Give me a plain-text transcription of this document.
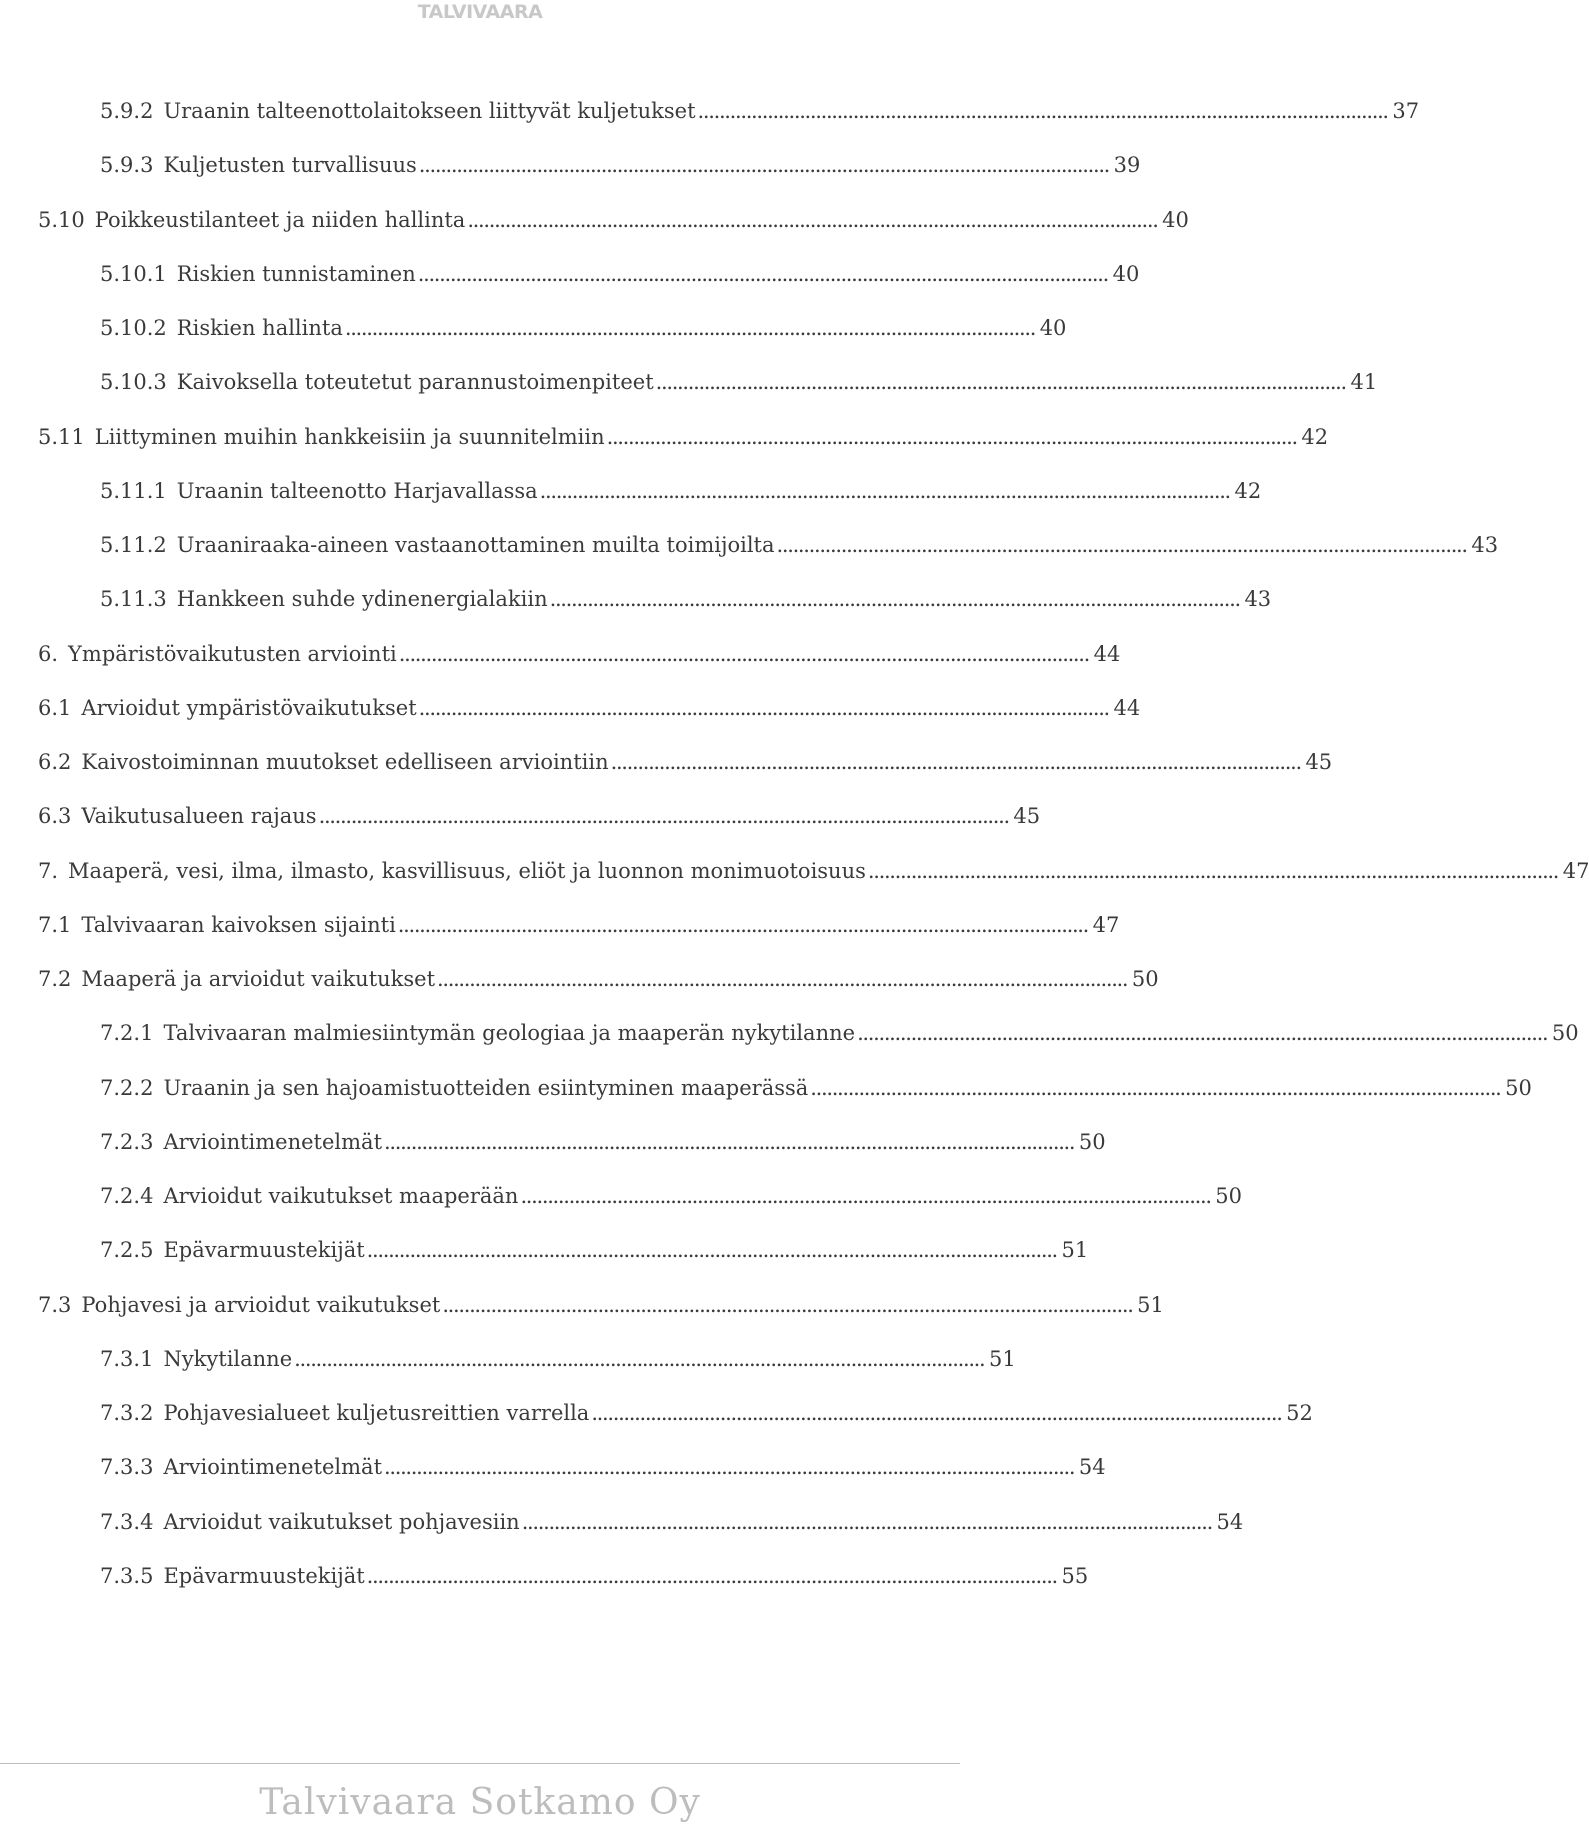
TALVIVAARA
5.9.2 Uraanin talteenottolaitokseen liittyvät kuljetukset . . .	37
5.9.3 Kuljetusten turvallisuus . . .	39
5.10 Poikkeustilanteet ja niiden hallinta . . .	40
5.10.1 Riskien tunnistaminen . . .	40
5.10.2 Riskien hallinta . . .	40
5.10.3 Kaivoksella toteutetut parannustoimenpiteet . . .	41
5.11 Liittyminen muihin hankkeisiin ja suunnitelmiin . . .	42
5.11.1 Uraanin talteenotto Harjavallassa . . .	42
5.11.2 Uraaniraaka-aineen vastaanottaminen muilta toimijoilta . . .	43
5.11.3 Hankkeen suhde ydinenergialakiin . . .	43
6. Ympäristövaikutusten arviointi . . .	44
6.1 Arvioidut ympäristövaikutukset . . .	44
6.2 Kaivostoiminnan muutokset edelliseen arviointiin . . .	45
6.3 Vaikutusalueen rajaus . . .	45
7. Maaperä, vesi, ilma, ilmasto, kasvillisuus, eliöt ja luonnon monimuotoisuus . . .	47
7.1 Talvivaaran kaivoksen sijainti . . .	47
7.2 Maaperä ja arvioidut vaikutukset . . .	50
7.2.1 Talvivaaran malmiesiintymän geologiaa ja maaperän nykytilanne . . .	50
7.2.2 Uraanin ja sen hajoamistuotteiden esiintyminen maaperässä . . .	50
7.2.3 Arviointimenetelmät . . .	50
7.2.4 Arvioidut vaikutukset maaperään . . .	50
7.2.5 Epävarmuustekijät . . .	51
7.3 Pohjavesi ja arvioidut vaikutukset . . .	51
7.3.1 Nykytilanne . . .	51
7.3.2 Pohjavesialueet kuljetusreittien varrella . . .	52
7.3.3 Arviointimenetelmät . . .	54
7.3.4 Arvioidut vaikutukset pohjavesiin . . .	54
7.3.5 Epävarmuustekijät . . .	55
Talvivaara Sotkamo Oy
